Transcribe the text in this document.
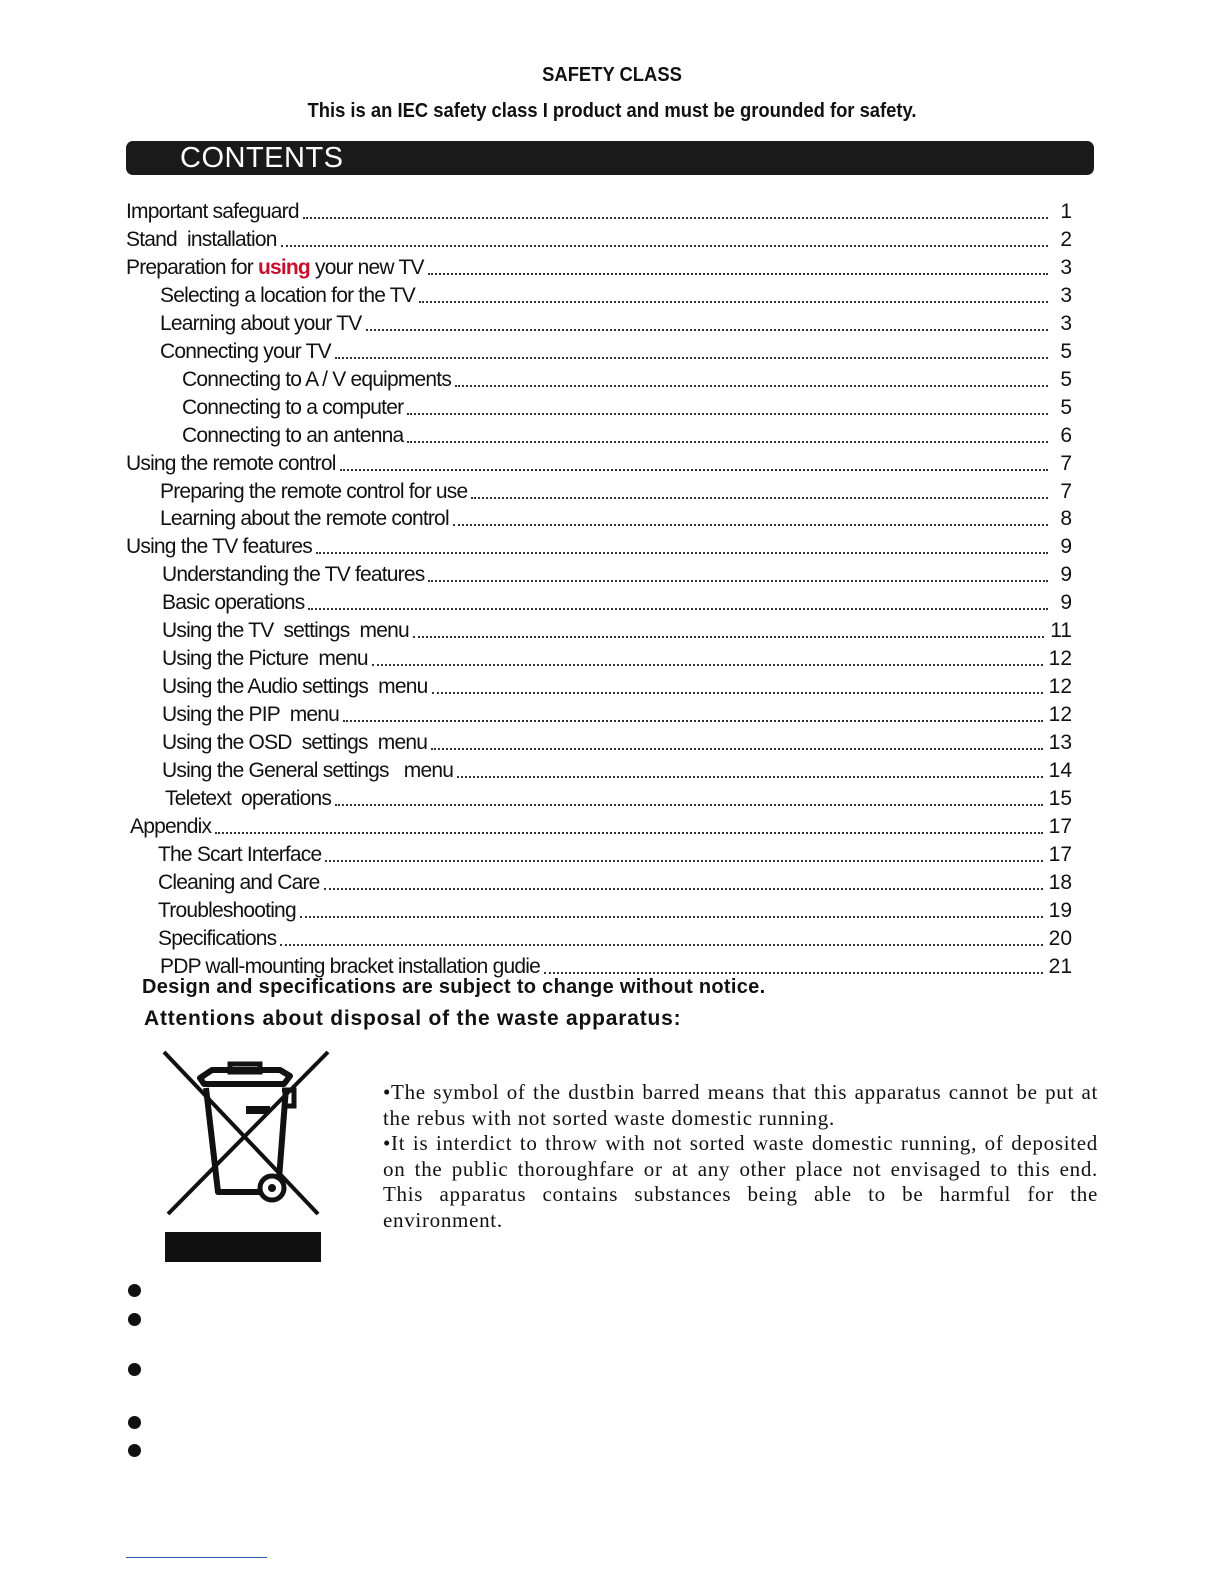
SAFETY CLASS
This is an IEC safety class I product and must be grounded for safety.
CONTENTS
Important safeguard	1
Stand  installation	2
Preparation for using your new TV	3
Selecting a location for the TV	3
Learning about your TV	3
Connecting your TV	5
Connecting to A / V equipments	5
Connecting to a computer	5
Connecting to an antenna	6
Using the remote control	7
Preparing the remote control for use	7
Learning about the remote control	8
Using the TV features	9
Understanding the TV features	9
Basic operations	9
Using the TV  settings  menu	11
Using the Picture  menu	12
Using the Audio settings  menu	12
Using the PIP  menu	12
Using the OSD  settings  menu	13
Using the General settings   menu	14
Teletext  operations	15
Appendix	17
The Scart Interface	17
Cleaning and Care	18
Troubleshooting	19
Specifications	20
PDP wall-mounting bracket installation gudie	21
Design and specifications are subject to change without notice.
Attentions about disposal of the waste apparatus:

•The symbol of the dustbin barred means that this apparatus cannot be put at the rebus with not sorted waste domestic running.

•It is interdict to throw with not sorted waste domestic running, of deposited on the public thoroughfare or at any other place not envisaged to this end. This apparatus contains substances being able to be harmful for the environment.
